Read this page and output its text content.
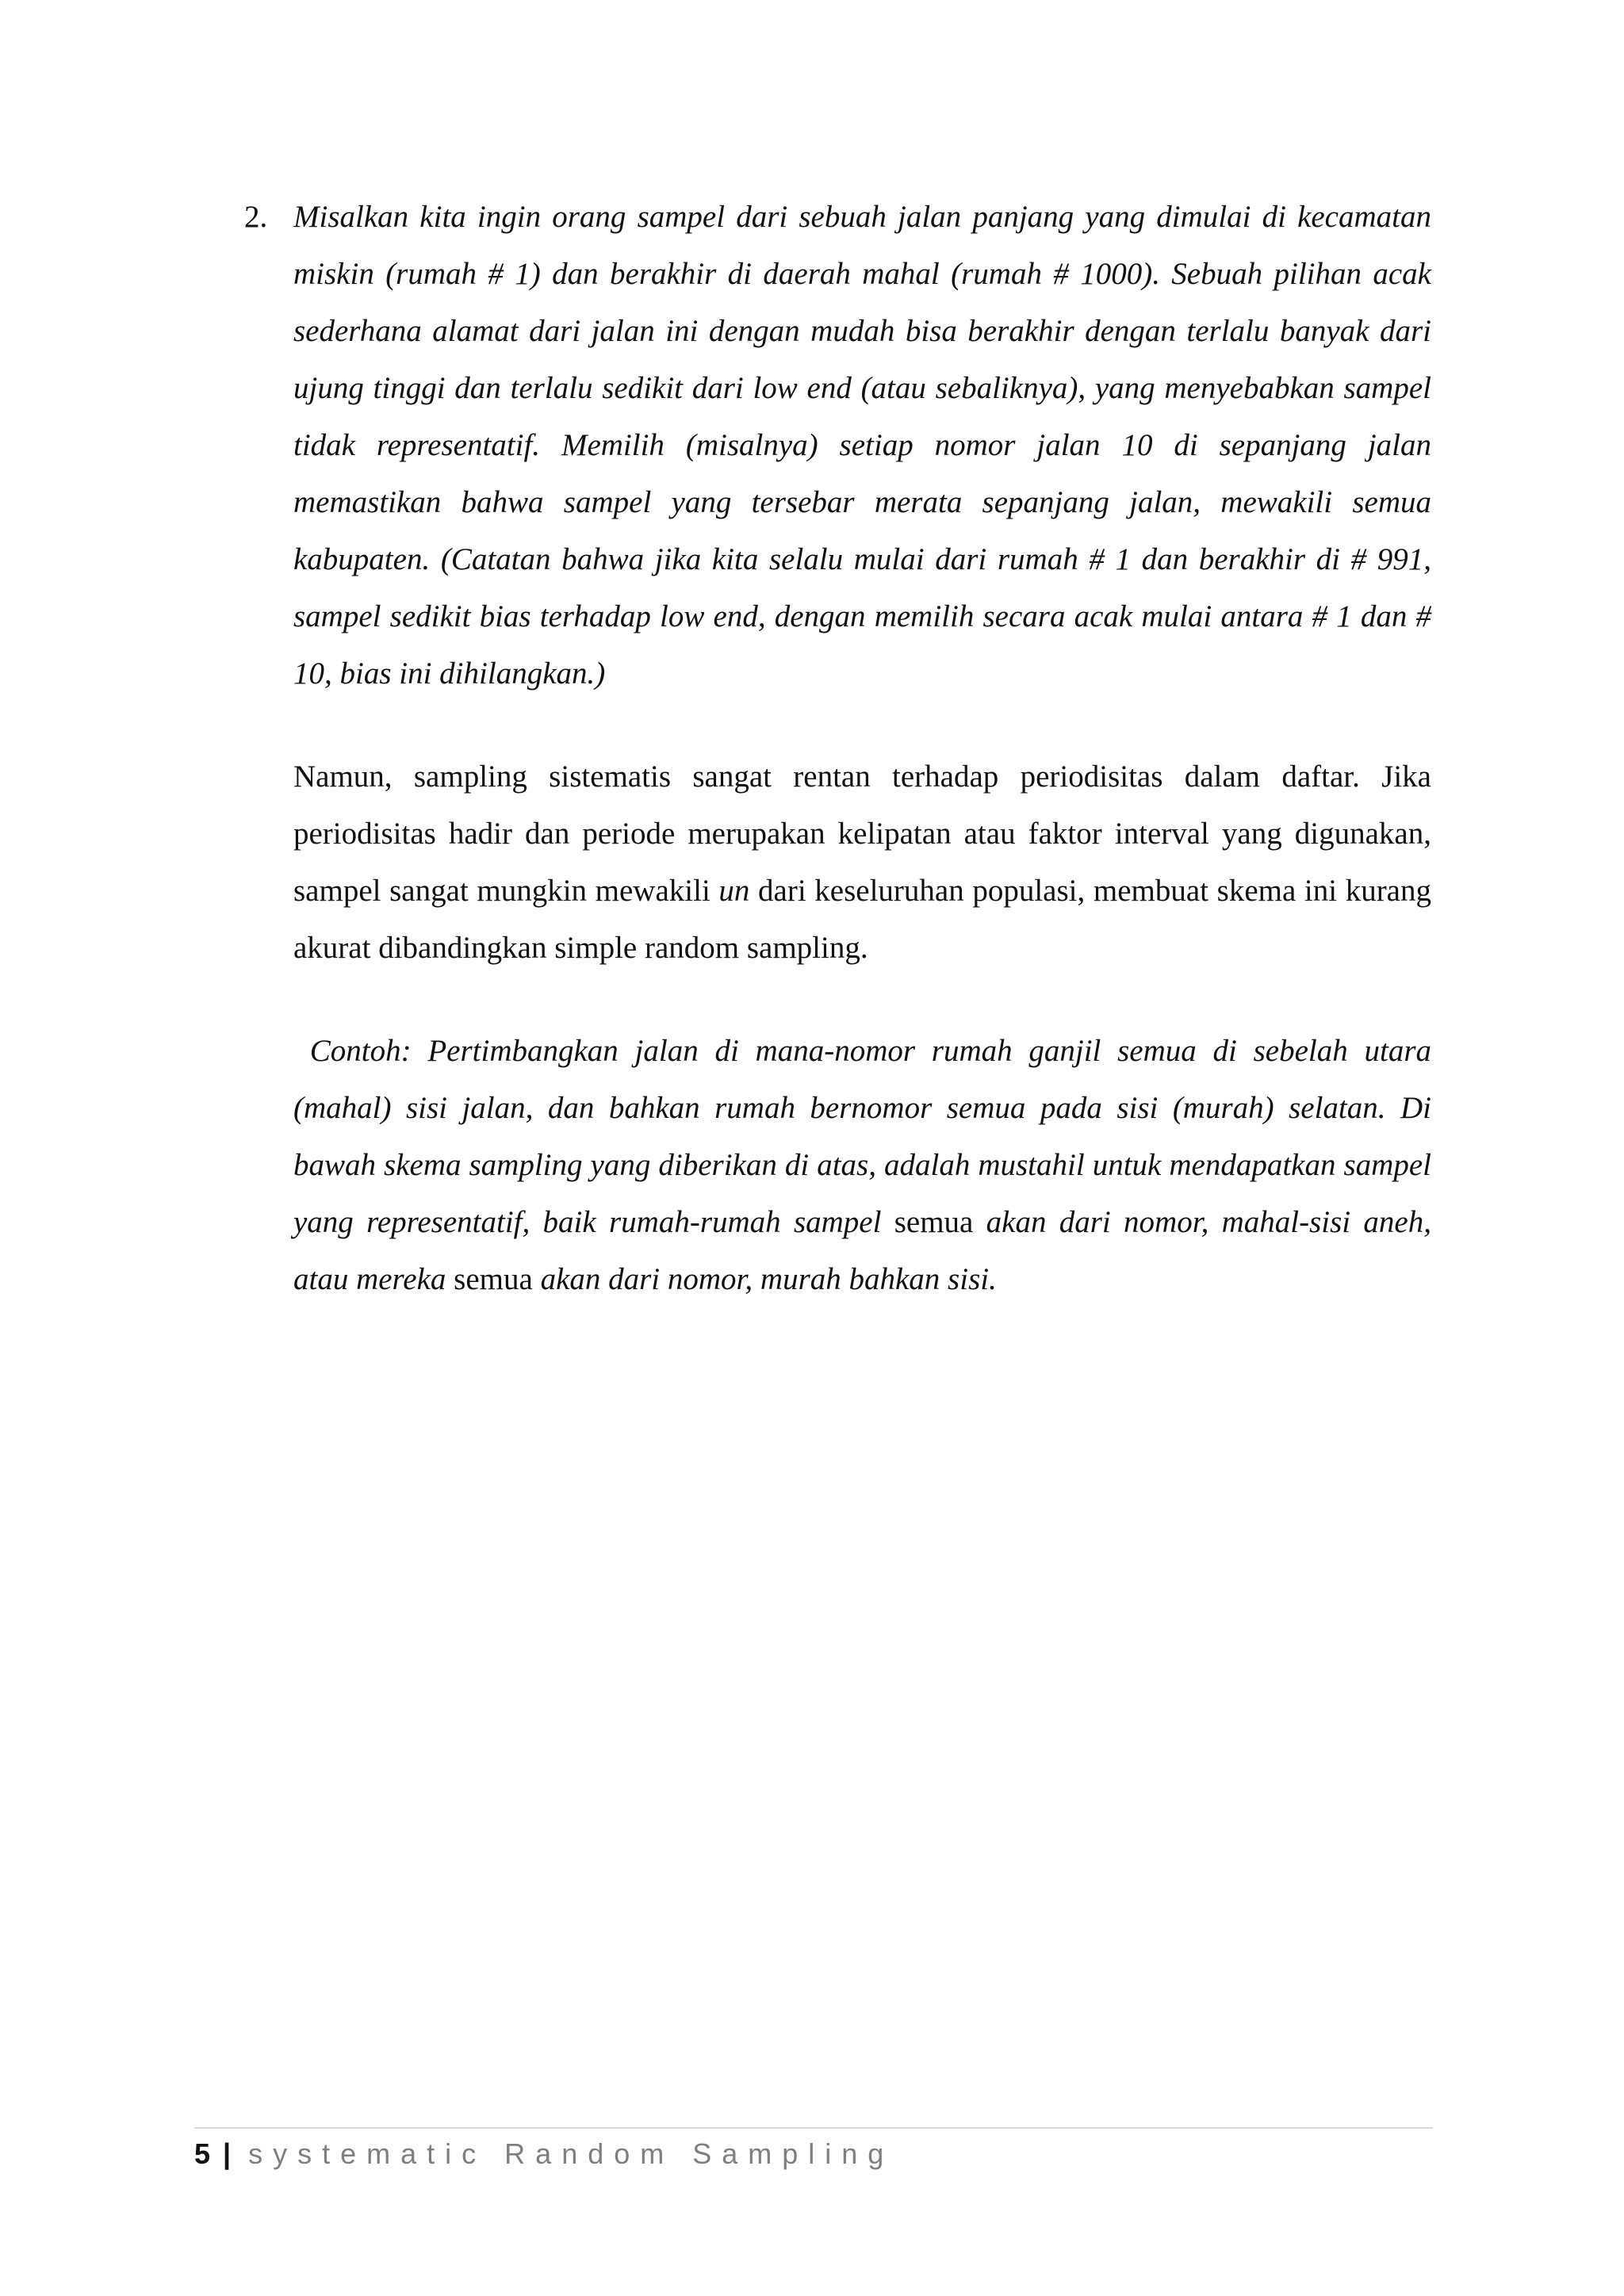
2. Misalkan kita ingin orang sampel dari sebuah jalan panjang yang dimulai di kecamatan miskin (rumah # 1) dan berakhir di daerah mahal (rumah # 1000). Sebuah pilihan acak sederhana alamat dari jalan ini dengan mudah bisa berakhir dengan terlalu banyak dari ujung tinggi dan terlalu sedikit dari low end (atau sebaliknya), yang menyebabkan sampel tidak representatif. Memilih (misalnya) setiap nomor jalan 10 di sepanjang jalan memastikan bahwa sampel yang tersebar merata sepanjang jalan, mewakili semua kabupaten. (Catatan bahwa jika kita selalu mulai dari rumah # 1 dan berakhir di # 991, sampel sedikit bias terhadap low end, dengan memilih secara acak mulai antara # 1 dan # 10, bias ini dihilangkan.)

Namun, sampling sistematis sangat rentan terhadap periodisitas dalam daftar. Jika periodisitas hadir dan periode merupakan kelipatan atau faktor interval yang digunakan, sampel sangat mungkin mewakili un dari keseluruhan populasi, membuat skema ini kurang akurat dibandingkan simple random sampling.

Contoh: Pertimbangkan jalan di mana-nomor rumah ganjil semua di sebelah utara (mahal) sisi jalan, dan bahkan rumah bernomor semua pada sisi (murah) selatan. Di bawah skema sampling yang diberikan di atas, adalah mustahil untuk mendapatkan sampel yang representatif, baik rumah-rumah sampel semua akan dari nomor, mahal-sisi aneh, atau mereka semua akan dari nomor, murah bahkan sisi.

5 | systematic Random Sampling
